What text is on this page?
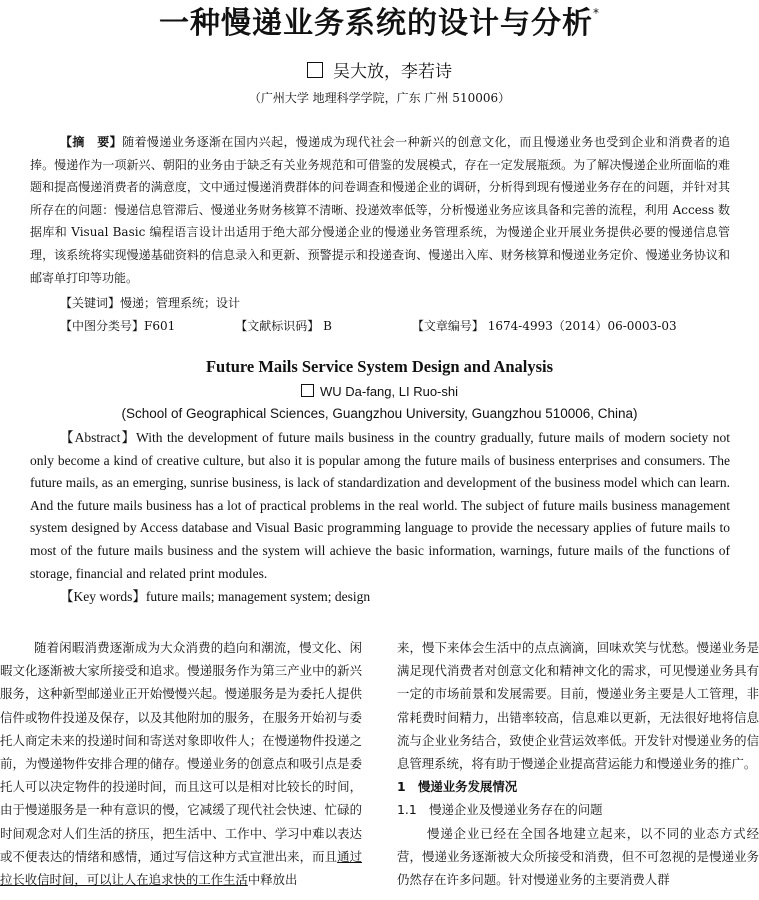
一种慢递业务系统的设计与分析*
吴大放，李若诗
（广州大学 地理科学学院，广东 广州 510006）
【摘　要】随着慢递业务逐渐在国内兴起，慢递成为现代社会一种新兴的创意文化，而且慢递业务也受到企业和消费者的追捧。慢递作为一项新兴、朝阳的业务由于缺乏有关业务规范和可借鉴的发展模式，存在一定发展瓶颈。为了解决慢递企业所面临的难题和提高慢递消费者的满意度，文中通过慢递消费群体的问卷调查和慢递企业的调研，分析得到现有慢递业务存在的问题，并针对其所存在的问题：慢递信息管滞后、慢递业务财务核算不清晰、投递效率低等，分析慢递业务应该具备和完善的流程，利用 Access 数据库和 Visual Basic 编程语言设计出适用于绝大部分慢递企业的慢递业务管理系统，为慢递企业开展业务提供必要的慢递信息管理，该系统将实现慢递基础资料的信息录入和更新、预警提示和投递查询、慢递出入库、财务核算和慢递业务定价、慢递业务协议和邮寄单打印等功能。
【关键词】慢递；管理系统；设计
【中图分类号】F601	【文献标识码】 B	【文章编号】 1674-4993（2014）06-0003-03
Future Mails Service System Design and Analysis
WU Da-fang, LI Ruo-shi
(School of Geographical Sciences, Guangzhou University, Guangzhou 510006, China)
【Abstract】With the development of future mails business in the country gradually, future mails of modern society not only become a kind of creative culture, but also it is popular among the future mails of business enterprises and consumers. The future mails, as an emerging, sunrise business, is lack of standardization and development of the business model which can learn. And the future mails business has a lot of practical problems in the real world. The subject of future mails business management system designed by Access database and Visual Basic programming language to provide the necessary applies of future mails to most of the future mails business and the system will achieve the basic information, warnings, future mails of the functions of storage, financial and related print modules.
【Key words】future mails; management system; design

随着闲暇消费逐渐成为大众消费的趋向和潮流，慢文化、闲暇文化逐渐被大家所接受和追求。慢递服务作为第三产业中的新兴服务，这种新型邮递业正开始慢慢兴起。慢递服务是为委托人提供信件或物件投递及保存，以及其他附加的服务，在服务开始初与委托人商定未来的投递时间和寄送对象即收件人；在慢递物件投递之前，为慢递物件安排合理的储存。慢递业务的创意点和吸引点是委托人可以决定物件的投递时间，而且这可以是相对比较长的时间，由于慢递服务是一种有意识的慢，它减缓了现代社会快速、忙碌的时间观念对人们生活的挤压，把生活中、工作中、学习中难以表达或不便表达的情绪和感情，通过写信这种方式宣泄出来，而且通过拉长收信时间，可以让人在追求快的工作生活中释放出

来，慢下来体会生活中的点点滴滴，回味欢笑与忧愁。慢递业务是满足现代消费者对创意文化和精神文化的需求，可见慢递业务具有一定的市场前景和发展需要。目前，慢递业务主要是人工管理，非常耗费时间精力，出错率较高，信息难以更新，无法很好地将信息流与企业业务结合，致使企业营运效率低。开发针对慢递业务的信息管理系统，将有助于慢递企业提高营运能力和慢递业务的推广。

1　慢递业务发展情况

1.1　慢递企业及慢递业务存在的问题

慢递企业已经在全国各地建立起来，以不同的业态方式经营，慢递业务逐渐被大众所接受和消费，但不可忽视的是慢递业务仍然存在许多问题。针对慢递业务的主要消费人群
